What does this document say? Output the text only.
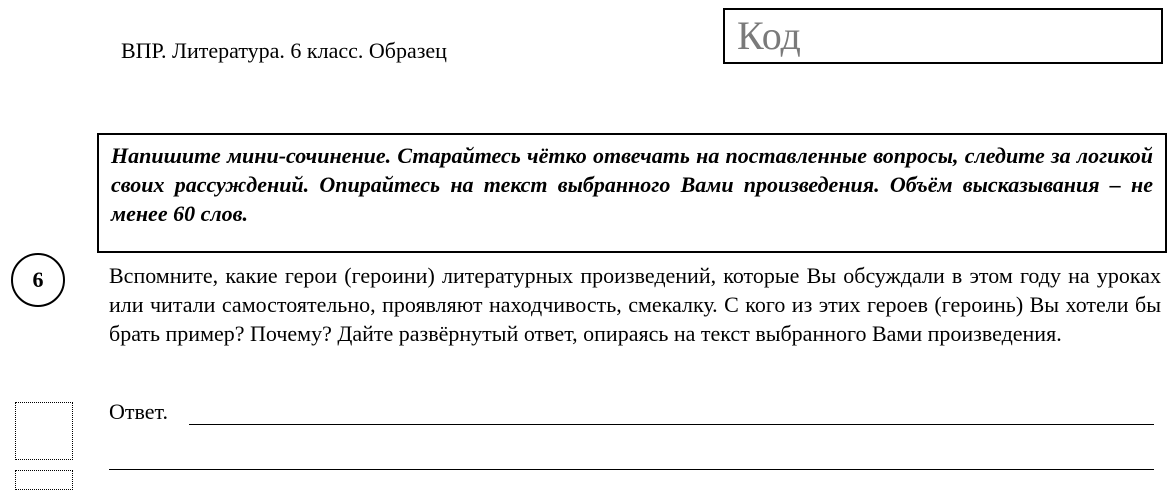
ВПР. Литература. 6 класс. Образец	Код
Напишите мини-сочинение. Старайтесь чётко отвечать на поставленные вопросы, следите за логикой своих рассуждений. Опирайтесь на текст выбранного Вами произведения. Объём высказывания – не менее 60 слов.
6	Вспомните, какие герои (героини) литературных произведений, которые Вы обсуждали в этом году на уроках или читали самостоятельно, проявляют находчивость, смекалку. С кого из этих героев (героинь) Вы хотели бы брать пример? Почему? Дайте развёрнутый ответ, опираясь на текст выбранного Вами произведения.
Ответ.
